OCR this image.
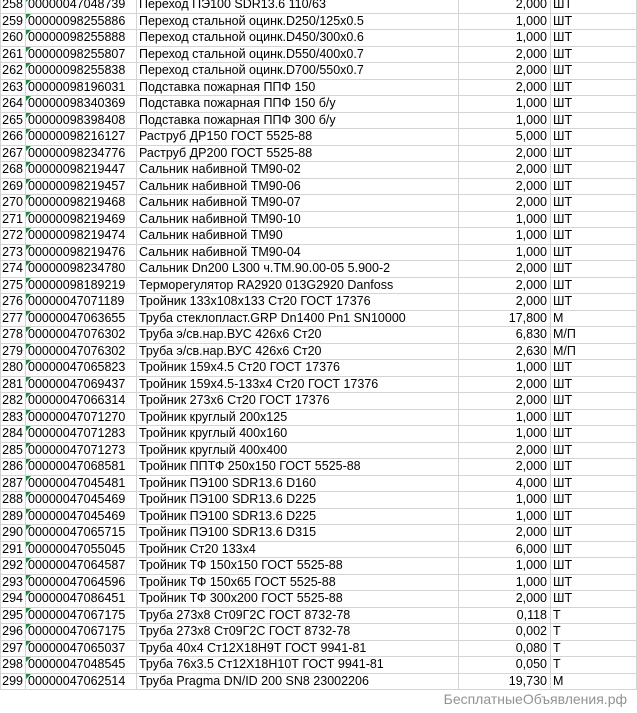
258	00000047048739	Переход ПЭ100 SDR13.6 110/63	2,000	ШТ
259	00000098255886	Переход стальной оцинк.D250/125х0.5	1,000	ШТ
260	00000098255888	Переход стальной оцинк.D450/300х0.6	1,000	ШТ
261	00000098255807	Переход стальной оцинк.D550/400х0.7	2,000	ШТ
262	00000098255838	Переход стальной оцинк.D700/550х0.7	2,000	ШТ
263	00000098196031	Подставка пожарная ППФ 150	2,000	ШТ
264	00000098340369	Подставка пожарная ППФ 150 б/у	1,000	ШТ
265	00000098398408	Подставка пожарная ППФ 300 б/у	1,000	ШТ
266	00000098216127	Раструб ДР150 ГОСТ 5525-88	5,000	ШТ
267	00000098234776	Раструб ДР200 ГОСТ 5525-88	2,000	ШТ
268	00000098219447	Сальник набивной ТМ90-02	2,000	ШТ
269	00000098219457	Сальник набивной ТМ90-06	2,000	ШТ
270	00000098219468	Сальник набивной ТМ90-07	2,000	ШТ
271	00000098219469	Сальник набивной ТМ90-10	1,000	ШТ
272	00000098219474	Сальник набивной ТМ90	1,000	ШТ
273	00000098219476	Сальник набивной ТМ90-04	1,000	ШТ
274	00000098234780	Сальник Dn200 L300 ч.ТМ.90.00-05 5.900-2	2,000	ШТ
275	00000098189219	Терморегулятор RA2920 013G2920 Danfoss	2,000	ШТ
276	00000047071189	Тройник 133х108х133 Ст20 ГОСТ 17376	2,000	ШТ
277	00000047063655	Труба стеклопласт.GRP Dn1400 Pn1 SN10000	17,800	М
278	00000047076302	Труба э/св.нар.ВУС 426х6 Ст20	6,830	М/П
279	00000047076302	Труба э/св.нар.ВУС 426х6 Ст20	2,630	М/П
280	00000047065823	Тройник 159х4.5 Ст20 ГОСТ 17376	1,000	ШТ
281	00000047069437	Тройник 159х4.5-133х4 Ст20 ГОСТ 17376	2,000	ШТ
282	00000047066314	Тройник 273х6 Ст20 ГОСТ 17376	2,000	ШТ
283	00000047071270	Тройник круглый 200х125	1,000	ШТ
284	00000047071283	Тройник круглый 400х160	1,000	ШТ
285	00000047071273	Тройник круглый 400х400	2,000	ШТ
286	00000047068581	Тройник ППТФ 250х150 ГОСТ 5525-88	2,000	ШТ
287	00000047045481	Тройник ПЭ100 SDR13.6 D160	4,000	ШТ
288	00000047045469	Тройник ПЭ100 SDR13.6 D225	1,000	ШТ
289	00000047045469	Тройник ПЭ100 SDR13.6 D225	1,000	ШТ
290	00000047065715	Тройник ПЭ100 SDR13.6 D315	2,000	ШТ
291	00000047055045	Тройник Ст20 133х4	6,000	ШТ
292	00000047064587	Тройник ТФ 150х150 ГОСТ 5525-88	1,000	ШТ
293	00000047064596	Тройник ТФ 150х65 ГОСТ 5525-88	1,000	ШТ
294	00000047086451	Тройник ТФ 300х200 ГОСТ 5525-88	2,000	ШТ
295	00000047067175	Труба 273х8 Ст09Г2С ГОСТ 8732-78	0,118	Т
296	00000047067175	Труба 273х8 Ст09Г2С ГОСТ 8732-78	0,002	Т
297	00000047065037	Труба 40х4 Ст12Х18Н9Т ГОСТ 9941-81	0,080	Т
298	00000047048545	Труба 76х3.5 Ст12Х18Н10Т ГОСТ 9941-81	0,050	Т
299	00000047062514	Труба Pragma DN/ID 200 SN8 23002206	19,730	М
БесплатныеОбъявления.рф
